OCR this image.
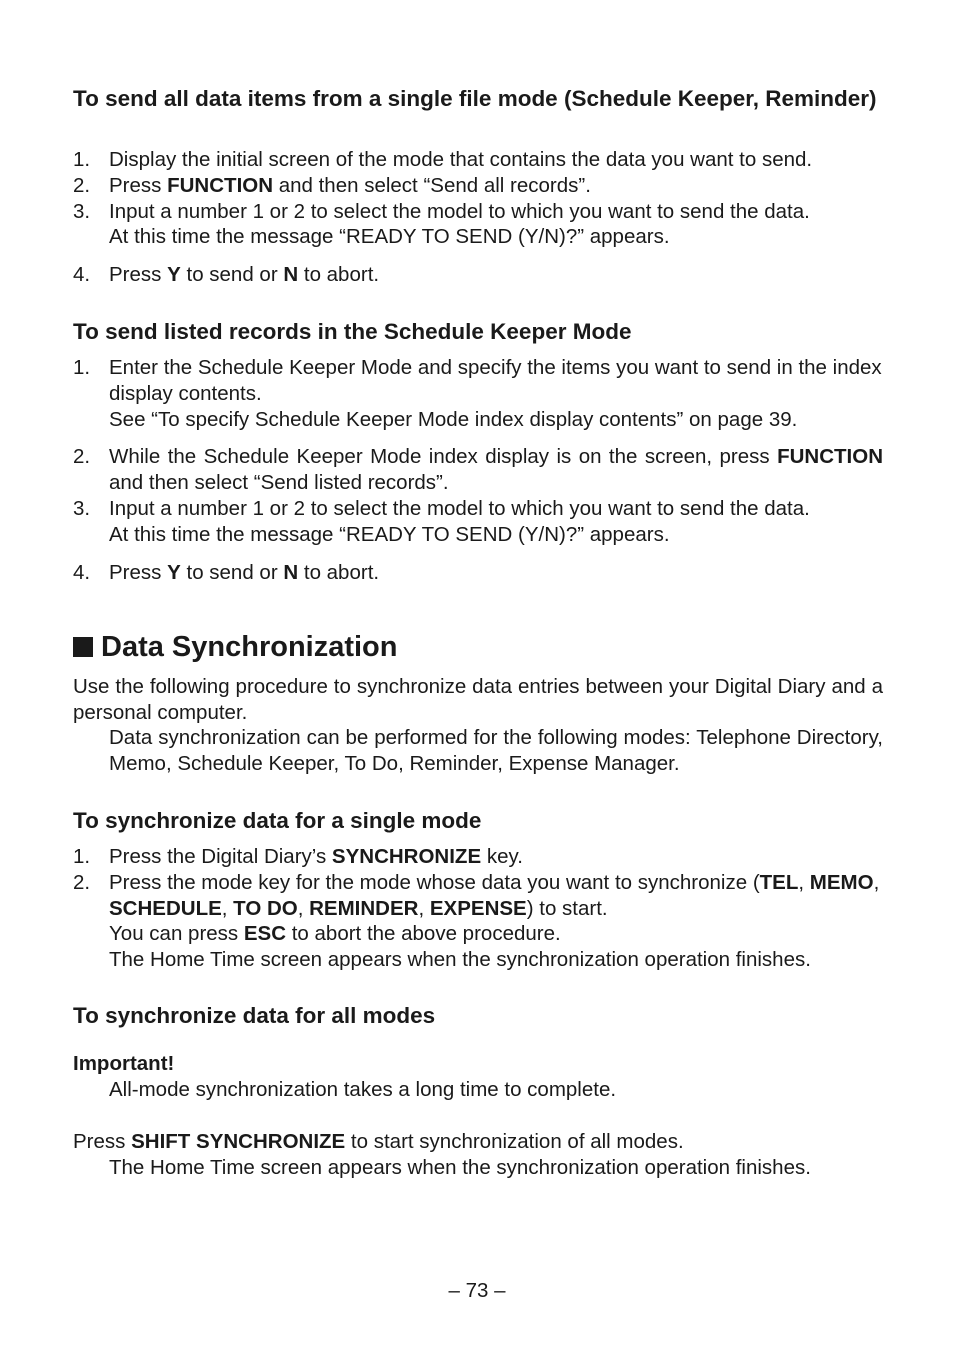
To send all data items from a single file mode (Schedule Keeper, Reminder)
1. Display the initial screen of the mode that contains the data you want to send.
2. Press FUNCTION and then select “Send all records”.
3. Input a number 1 or 2 to select the model to which you want to send the data.
At this time the message “READY TO SEND (Y/N)?” appears.
4. Press Y to send or N to abort.
To send listed records in the Schedule Keeper Mode
1. Enter the Schedule Keeper Mode and specify the items you want to send in the index display contents.
See “To specify Schedule Keeper Mode index display contents” on page 39.
2. While the Schedule Keeper Mode index display is on the screen, press FUNCTION and then select “Send listed records”.
3. Input a number 1 or 2 to select the model to which you want to send the data.
At this time the message “READY TO SEND (Y/N)?” appears.
4. Press Y to send or N to abort.
Data Synchronization

Use the following procedure to synchronize data entries between your Digital Diary and a personal computer.

Data synchronization can be performed for the following modes: Telephone Directory, Memo, Schedule Keeper, To Do, Reminder, Expense Manager.

To synchronize data for a single mode
1. Press the Digital Diary’s SYNCHRONIZE key.
2. Press the mode key for the mode whose data you want to synchronize (TEL, MEMO, SCHEDULE, TO DO, REMINDER, EXPENSE) to start.
You can press ESC to abort the above procedure.
The Home Time screen appears when the synchronization operation finishes.
To synchronize data for all modes

Important!

All-mode synchronization takes a long time to complete.

Press SHIFT SYNCHRONIZE to start synchronization of all modes.

The Home Time screen appears when the synchronization operation finishes.

– 73 –
